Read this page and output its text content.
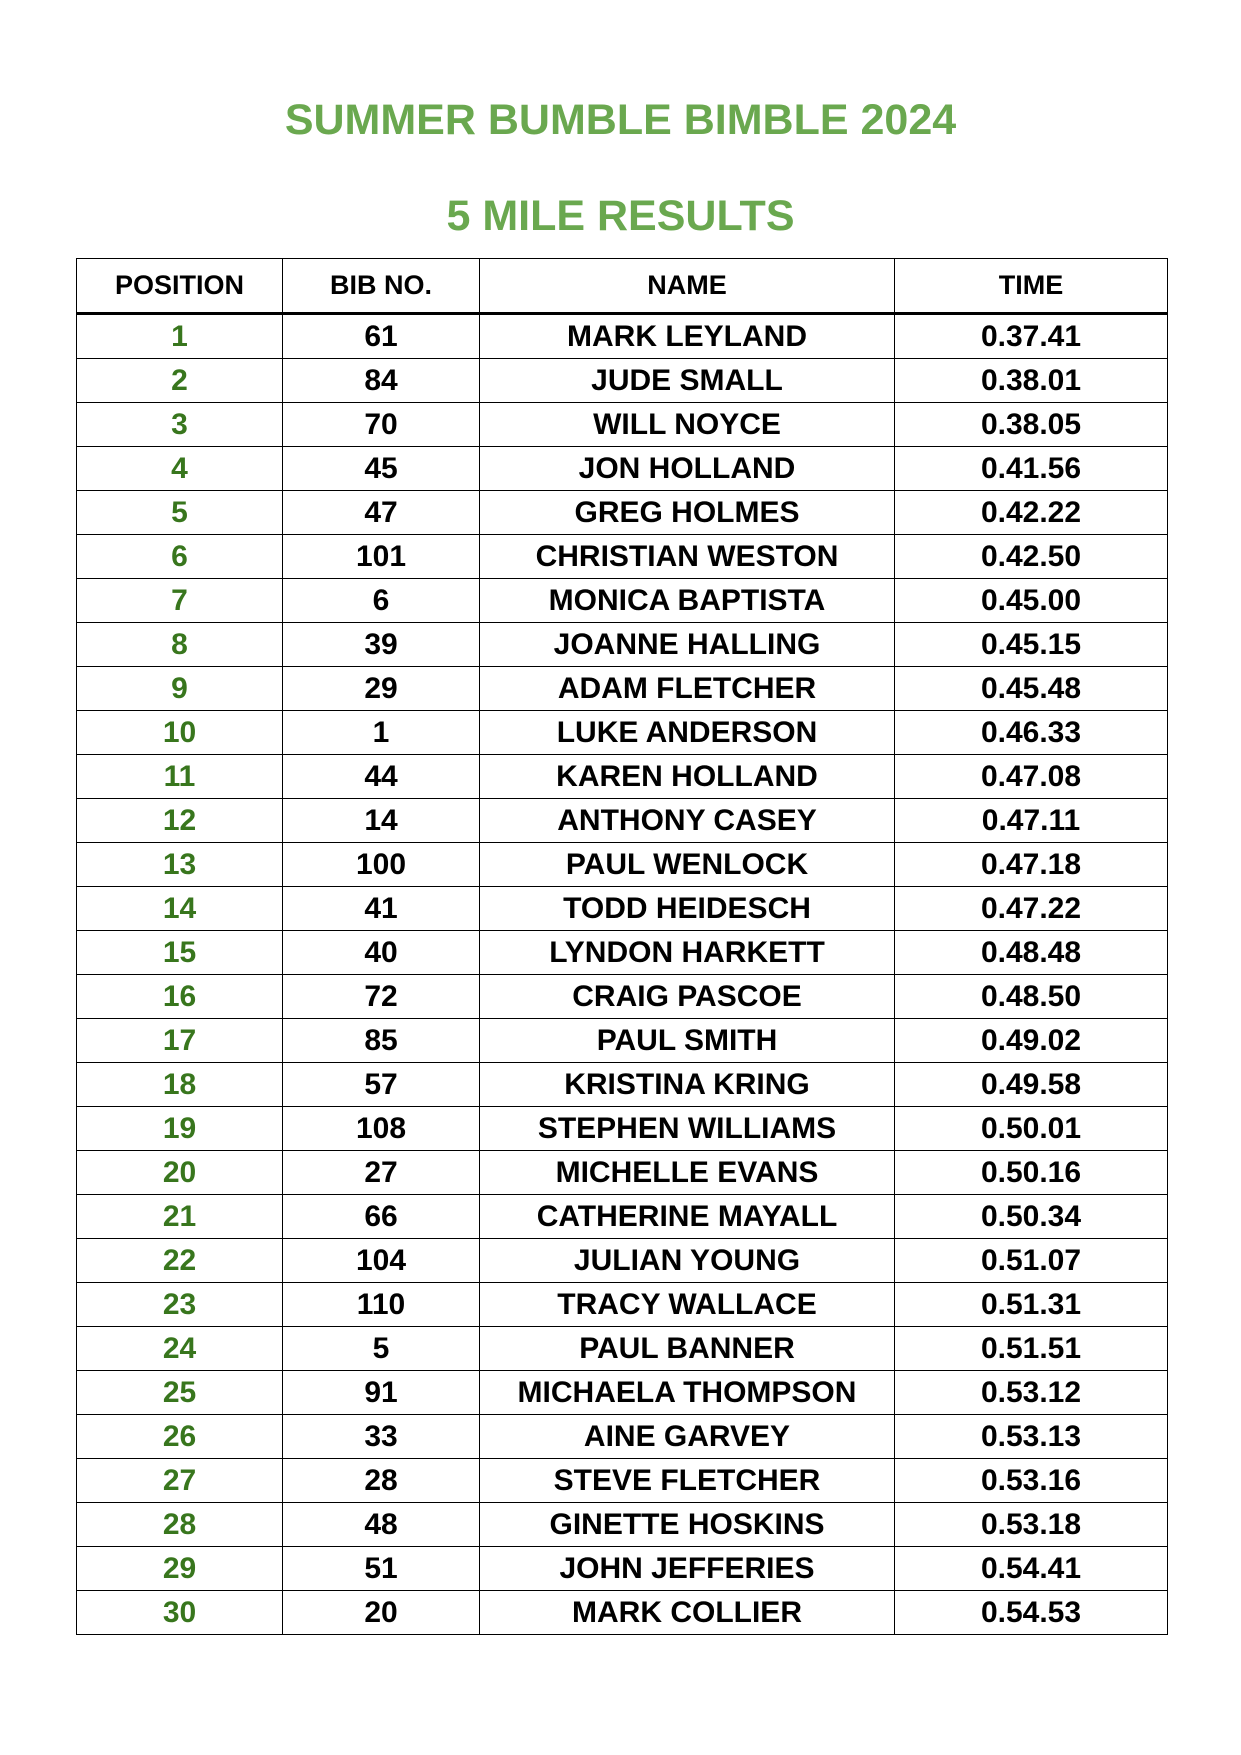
SUMMER BUMBLE BIMBLE 2024
5 MILE RESULTS
POSITION	BIB NO.	NAME	TIME
1	61	MARK LEYLAND	0.37.41
2	84	JUDE SMALL	0.38.01
3	70	WILL NOYCE	0.38.05
4	45	JON HOLLAND	0.41.56
5	47	GREG HOLMES	0.42.22
6	101	CHRISTIAN WESTON	0.42.50
7	6	MONICA BAPTISTA	0.45.00
8	39	JOANNE HALLING	0.45.15
9	29	ADAM FLETCHER	0.45.48
10	1	LUKE ANDERSON	0.46.33
11	44	KAREN HOLLAND	0.47.08
12	14	ANTHONY CASEY	0.47.11
13	100	PAUL WENLOCK	0.47.18
14	41	TODD HEIDESCH	0.47.22
15	40	LYNDON HARKETT	0.48.48
16	72	CRAIG PASCOE	0.48.50
17	85	PAUL SMITH	0.49.02
18	57	KRISTINA KRING	0.49.58
19	108	STEPHEN WILLIAMS	0.50.01
20	27	MICHELLE EVANS	0.50.16
21	66	CATHERINE MAYALL	0.50.34
22	104	JULIAN YOUNG	0.51.07
23	110	TRACY WALLACE	0.51.31
24	5	PAUL BANNER	0.51.51
25	91	MICHAELA THOMPSON	0.53.12
26	33	AINE GARVEY	0.53.13
27	28	STEVE FLETCHER	0.53.16
28	48	GINETTE HOSKINS	0.53.18
29	51	JOHN JEFFERIES	0.54.41
30	20	MARK COLLIER	0.54.53
